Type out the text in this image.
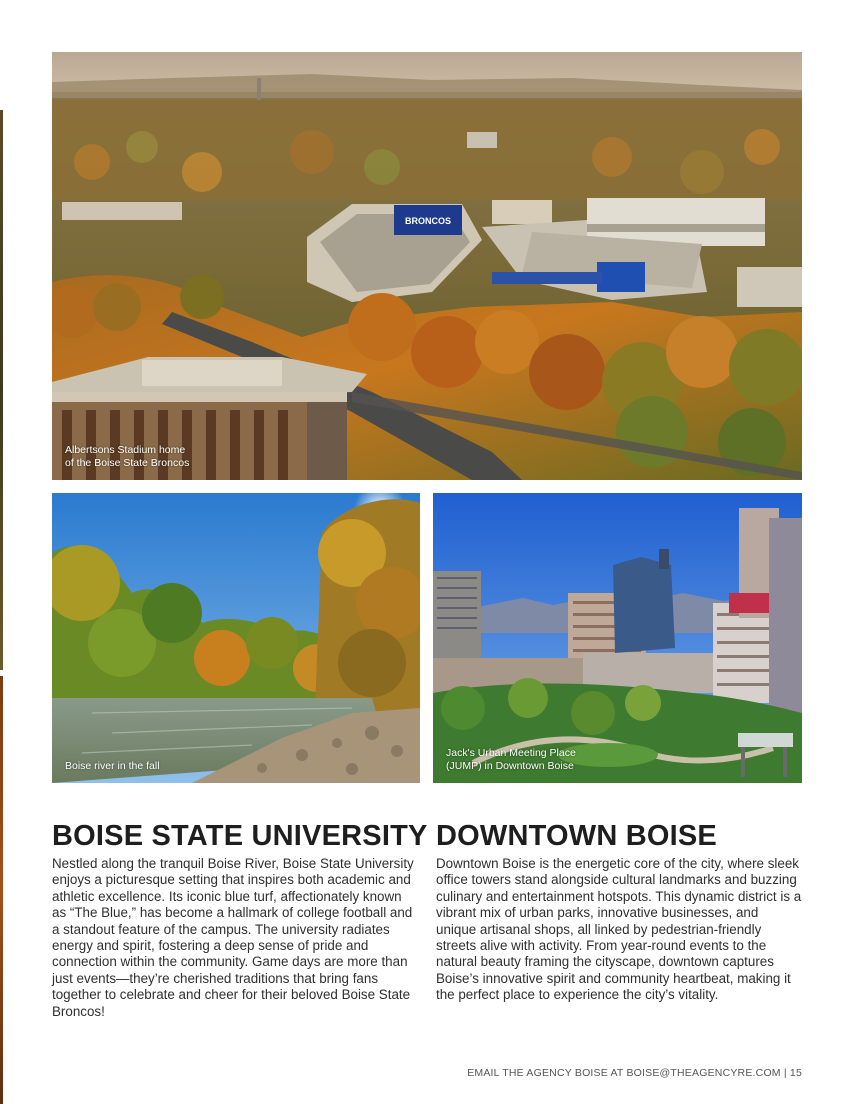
BRONCOS
Albertsons Stadium home
of the Boise State Broncos
Boise river in the fall
Jack's Urban Meeting Place
(JUMP) in Downtown Boise
BOISE STATE UNIVERSITY

Nestled along the tranquil Boise River, Boise State University enjoys a picturesque setting that inspires both academic and athletic excellence. Its iconic blue turf, affectionately known as “The Blue,” has become a hallmark of college football and a standout feature of the campus. The university radiates energy and spirit, fostering a deep sense of pride and connection within the community. Game days are more than just events—they’re cherished traditions that bring fans together to celebrate and cheer for their beloved Boise State Broncos!

DOWNTOWN BOISE

Downtown Boise is the energetic core of the city, where sleek office towers stand alongside cultural landmarks and buzzing culinary and entertainment hotspots. This dynamic district is a vibrant mix of urban parks, innovative businesses, and unique artisanal shops, all linked by pedestrian-friendly streets alive with activity. From year-round events to the natural beauty framing the cityscape, downtown captures Boise’s innovative spirit and community heartbeat, making it the perfect place to experience the city’s vitality.

EMAIL THE AGENCY BOISE AT BOISE@THEAGENCYRE.COM | 15
